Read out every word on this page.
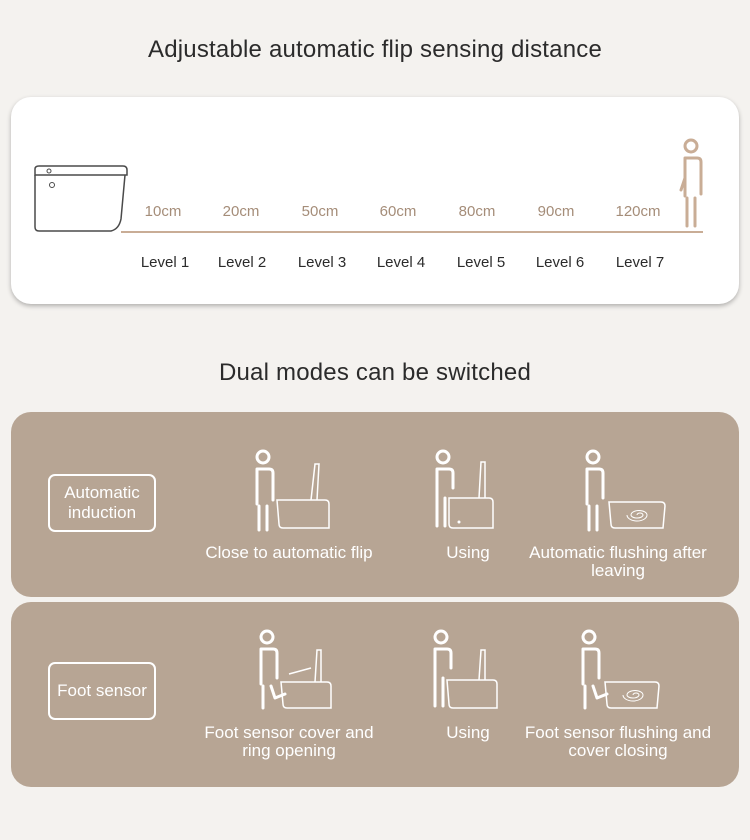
Adjustable automatic flip sensing distance
10cm	20cm	50cm	60cm	80cm	90cm	120cm
Level 1	Level 2	Level 3	Level 4	Level 5	Level 6	Level 7
Dual modes can be switched
Automatic induction
Close to automatic flip	Using	Automatic flushing after leaving
Foot sensor
Foot sensor cover and ring opening
Using	Foot sensor flushing and cover closing
